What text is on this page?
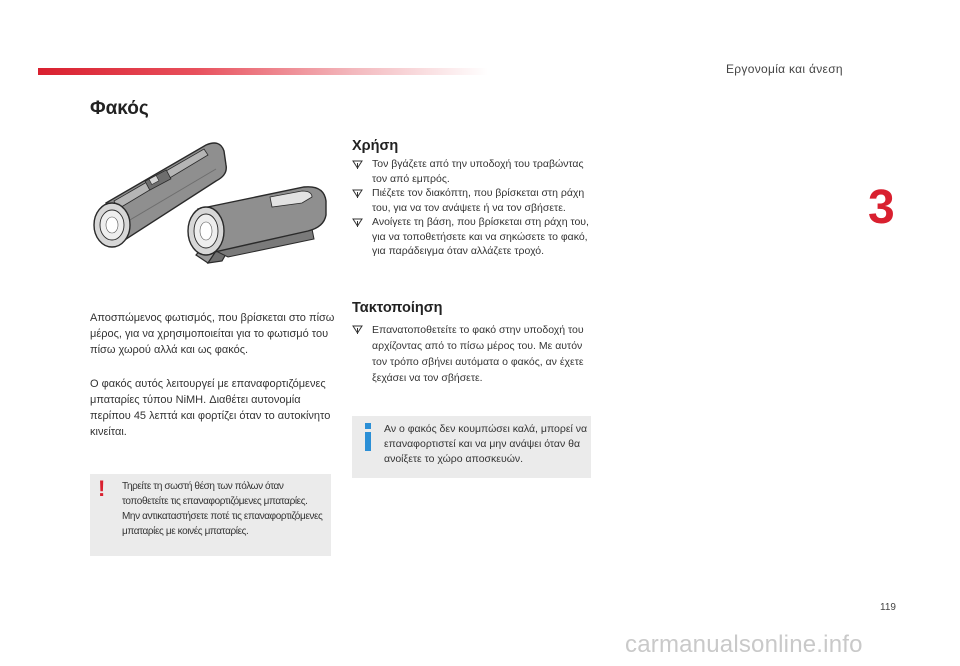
Εργονομία και άνεση
3
Φακός

Αποσπώμενος φωτισμός, που βρίσκεται στο πίσω μέρος, για να χρησιμοποιείται για το φωτισμό του πίσω χωρού αλλά και ως φακός.

Ο φακός αυτός λειτουργεί με επαναφορτιζόμενες μπαταρίες τύπου NiMH. Διαθέτει αυτονομία περίπου 45 λεπτά και φορτίζει όταν το αυτοκίνητο κινείται.

! Τηρείτε τη σωστή θέση των πόλων όταν τοποθετείτε τις επαναφορτιζόμενες μπαταρίες. Μην αντικαταστήσετε ποτέ τις επαναφορτιζόμενες μπαταρίες με κοινές μπαταρίες.

Χρήση
Τον βγάζετε από την υποδοχή του τραβώντας τον από εμπρός.
Πιέζετε τον διακόπτη, που βρίσκεται στη ράχη του, για να τον ανάψετε ή να τον σβήσετε.
Ανοίγετε τη βάση, που βρίσκεται στη ράχη του, για να τοποθετήσετε και να σηκώσετε το φακό, για παράδειγμα όταν αλλάζετε τροχό.
Τακτοποίηση
Επανατοποθετείτε το φακό στην υποδοχή του αρχίζοντας από το πίσω μέρος του. Με αυτόν τον τρόπο σβήνει αυτόματα ο φακός, αν έχετε ξεχάσει να τον σβήσετε.

Αν ο φακός δεν κουμπώσει καλά, μπορεί να επαναφορτιστεί και να μην ανάψει όταν θα ανοίξετε το χώρο αποσκευών.

119
carmanualsonline.info
